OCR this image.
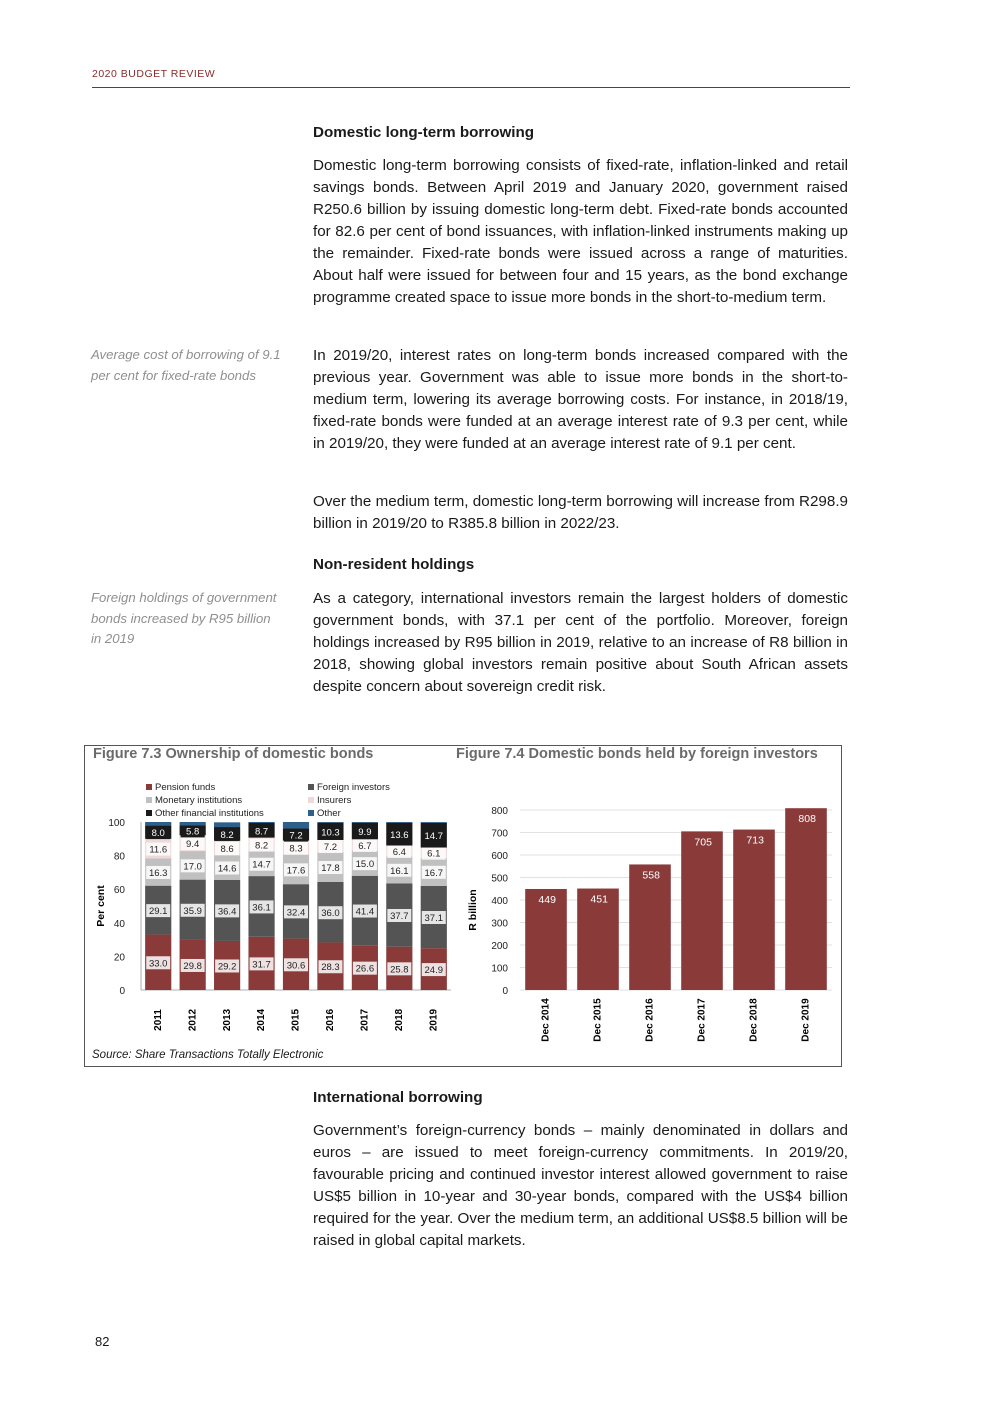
2020 BUDGET REVIEW
Domestic long-term borrowing

Domestic long-term borrowing consists of fixed-rate, inflation-linked and retail savings bonds. Between April 2019 and January 2020, government raised R250.6 billion by issuing domestic long-term debt. Fixed-rate bonds accounted for 82.6 per cent of bond issuances, with inflation-linked instruments making up the remainder. Fixed-rate bonds were issued across a range of maturities. About half were issued for between four and 15 years, as the bond exchange programme created space to issue more bonds in the short-to-medium term.

Average cost of borrowing of 9.1 per cent for fixed-rate bonds

In 2019/20, interest rates on long-term bonds increased compared with the previous year. Government was able to issue more bonds in the short-to-medium term, lowering its average borrowing costs. For instance, in 2018/19, fixed-rate bonds were funded at an average interest rate of 9.3 per cent, while in 2019/20, they were funded at an average interest rate of 9.1 per cent.

Over the medium term, domestic long-term borrowing will increase from R298.9 billion in 2019/20 to R385.8 billion in 2022/23.

Non-resident holdings
Foreign holdings of government bonds increased by R95 billion in 2019

As a category, international investors remain the largest holders of domestic government bonds, with 37.1 per cent of the portfolio. Moreover, foreign holdings increased by R95 billion in 2019, relative to an increase of R8 billion in 2018, showing global investors remain positive about South African assets despite concern about sovereign credit risk.

Figure 7.3 Ownership of domestic bonds	Figure 7.4 Domestic bonds held by foreign investors
Pension funds	Foreign investors
Monetary institutions	Insurers
Other financial institutions	Other
0
20
40
60
80
100
Per cent
33.0
29.1
16.3
11.6
8.0
2011
29.8
35.9
17.0
9.4
5.8
2012
29.2
36.4
14.6
8.6
8.2
2013
31.7
36.1
14.7
8.2
8.7
2014
30.6
32.4
17.6
8.3
7.2
2015
28.3
36.0
17.8
7.2
10.3
2016
26.6
41.4
15.0
6.7
9.9
2017
25.8
37.7
16.1
6.4
13.6
2018
24.9
37.1
16.7
6.1
14.7
2019
0
100
200
300
400
500
600
700
800
R billion	449
Dec 2014
451
Dec 2015
558
Dec 2016
705
Dec 2017
713
Dec 2018
808
Dec 2019
Source: Share Transactions Totally Electronic
International borrowing

Government’s foreign-currency bonds – mainly denominated in dollars and euros – are issued to meet foreign-currency commitments. In 2019/20, favourable pricing and continued investor interest allowed government to raise US$5 billion in 10-year and 30-year bonds, compared with the US$4 billion required for the year. Over the medium term, an additional US$8.5 billion will be raised in global capital markets.

82
